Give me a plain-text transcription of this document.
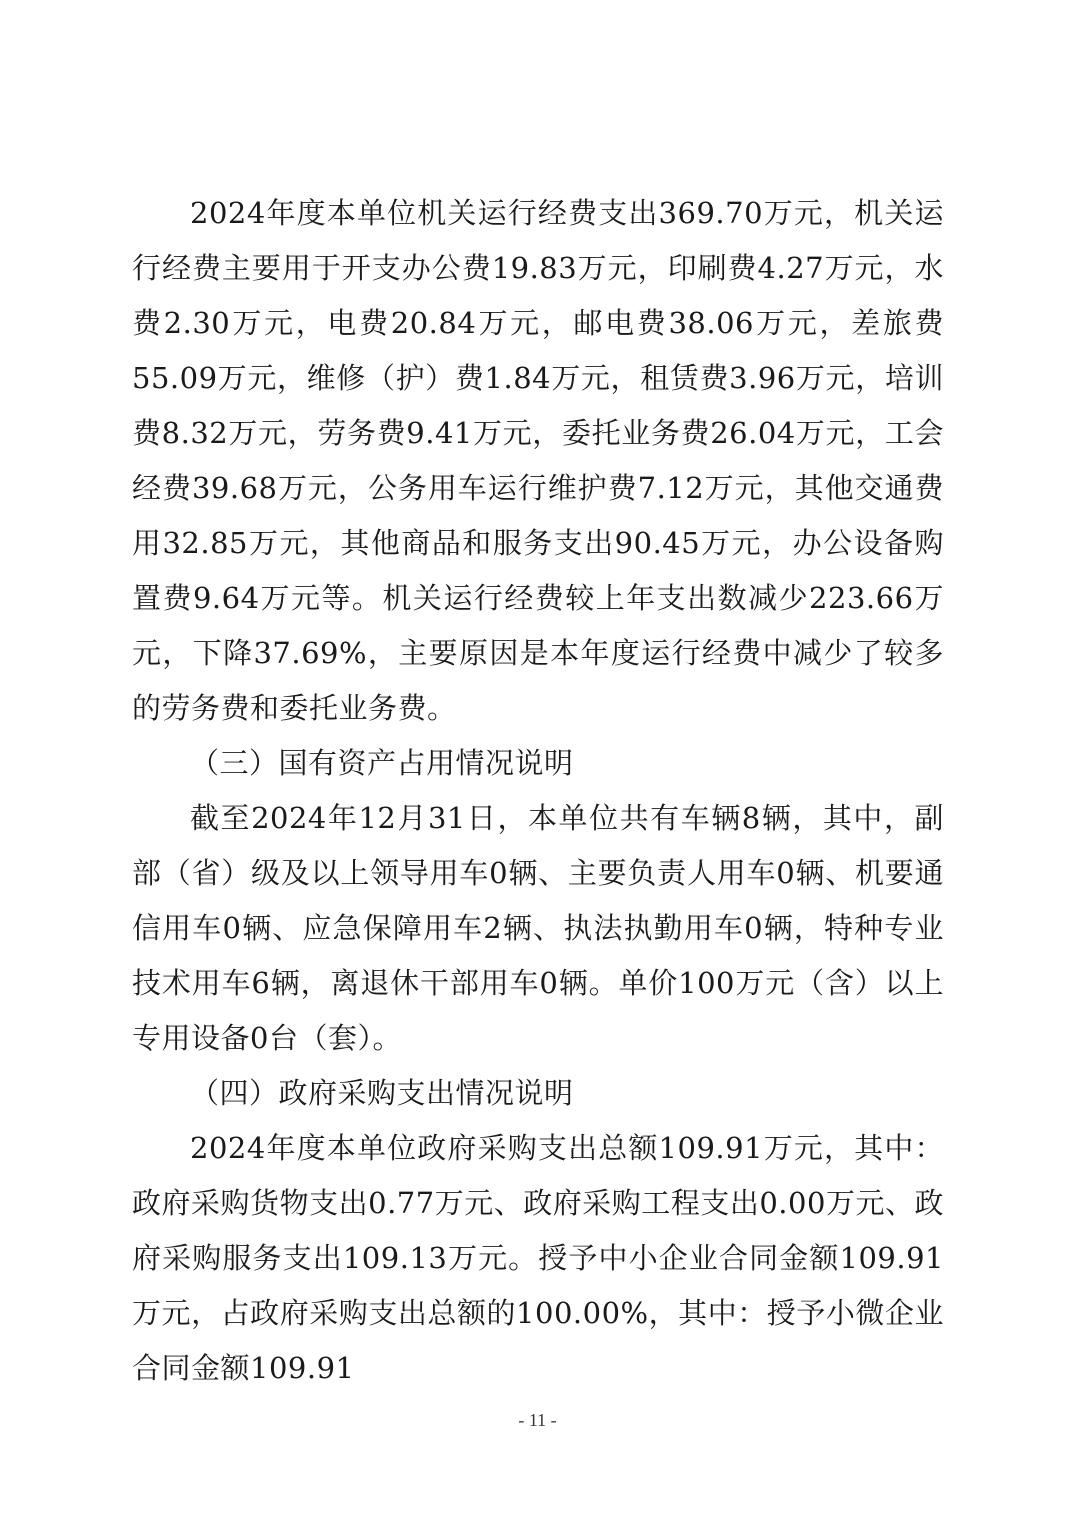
2024年度本单位机关运行经费支出369.70万元，机关运行经费主要用于开支办公费19.83万元，印刷费4.27万元，水费2.30万元，电费20.84万元，邮电费38.06万元，差旅费55.09万元，维修（护）费1.84万元，租赁费3.96万元，培训费8.32万元，劳务费9.41万元，委托业务费26.04万元，工会经费39.68万元，公务用车运行维护费7.12万元，其他交通费用32.85万元，其他商品和服务支出90.45万元，办公设备购置费9.64万元等。机关运行经费较上年支出数减少223.66万元，下降37.69%，主要原因是本年度运行经费中减少了较多的劳务费和委托业务费。

（三）国有资产占用情况说明

截至2024年12月31日，本单位共有车辆8辆，其中，副部（省）级及以上领导用车0辆、主要负责人用车0辆、机要通信用车0辆、应急保障用车2辆、执法执勤用车0辆，特种专业技术用车6辆，离退休干部用车0辆。单价100万元（含）以上专用设备0台（套）。

（四）政府采购支出情况说明

2024年度本单位政府采购支出总额109.91万元，其中：政府采购货物支出0.77万元、政府采购工程支出0.00万元、政府采购服务支出109.13万元。授予中小企业合同金额109.91万元，占政府采购支出总额的100.00%，其中：授予小微企业合同金额109.91

- 11 -
